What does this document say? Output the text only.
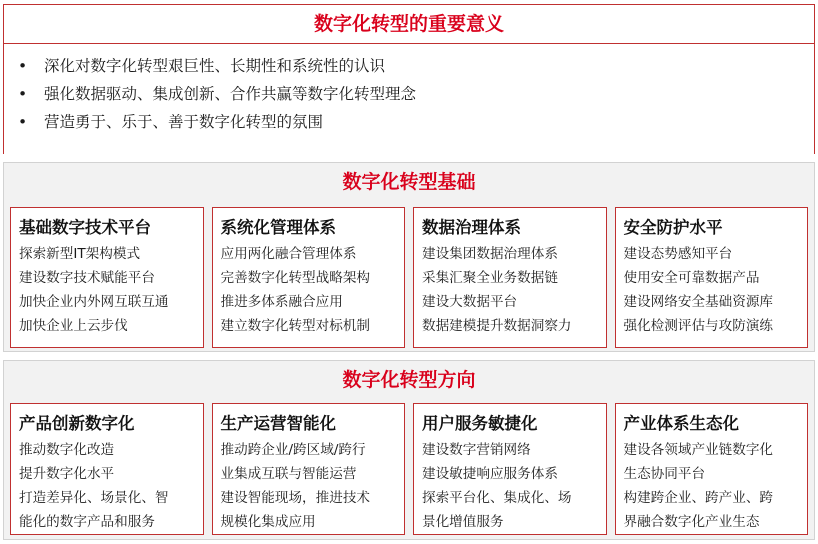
数字化转型的重要意义
•	深化对数字化转型艰巨性、长期性和系统性的认识
•	强化数据驱动、集成创新、合作共赢等数字化转型理念
•	营造勇于、乐于、善于数字化转型的氛围
数字化转型基础
基础数字技术平台
探索新型IT架构模式
建设数字技术赋能平台
加快企业内外网互联互通
加快企业上云步伐
系统化管理体系
应用两化融合管理体系
完善数字化转型战略架构
推进多体系融合应用
建立数字化转型对标机制
数据治理体系
建设集团数据治理体系
采集汇聚全业务数据链
建设大数据平台
数据建模提升数据洞察力
安全防护水平
建设态势感知平台
使用安全可靠数据产品
建设网络安全基础资源库
强化检测评估与攻防演练
数字化转型方向
产品创新数字化
推动数字化改造
提升数字化水平
打造差异化、场景化、智
能化的数字产品和服务
生产运营智能化
推动跨企业/跨区域/跨行
业集成互联与智能运营
建设智能现场，推进技术
规模化集成应用
用户服务敏捷化
建设数字营销网络
建设敏捷响应服务体系
探索平台化、集成化、场
景化增值服务
产业体系生态化
建设各领域产业链数字化
生态协同平台
构建跨企业、跨产业、跨
界融合数字化产业生态
